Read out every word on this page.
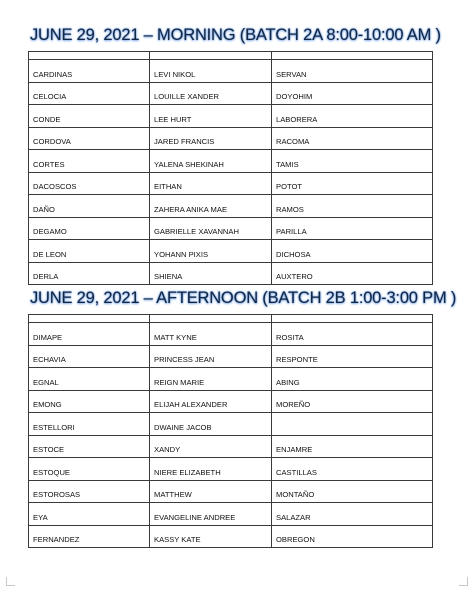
JUNE 29, 2021 – MORNING (BATCH 2A 8:00-10:00 AM )

CARDINAS	LEVI NIKOL	SERVAN
CELOCIA	LOUILLE XANDER	DOYOHIM
CONDE	LEE HURT	LABORERA
CORDOVA	JARED FRANCIS	RACOMA
CORTES	YALENA SHEKINAH	TAMIS
DACOSCOS	EITHAN	POTOT
DAÑO	ZAHERA ANIKA MAE	RAMOS
DEGAMO	GABRIELLE XAVANNAH	PARILLA
DE LEON	YOHANN PIXIS	DICHOSA
DERLA	SHIENA	AUXTERO
JUNE 29, 2021 – AFTERNOON (BATCH 2B 1:00-3:00 PM )

DIMAPE	MATT KYNE	ROSITA
ECHAVIA	PRINCESS JEAN	RESPONTE
EGNAL	REIGN MARIE	ABING
EMONG	ELIJAH ALEXANDER	MOREÑO
ESTELLORI	DWAINE JACOB	
ESTOCE	XANDY	ENJAMRE
ESTOQUE	NIERE ELIZABETH	CASTILLAS
ESTOROSAS	MATTHEW	MONTAÑO
EYA	EVANGELINE ANDREE	SALAZAR
FERNANDEZ	KASSY KATE	OBREGON
